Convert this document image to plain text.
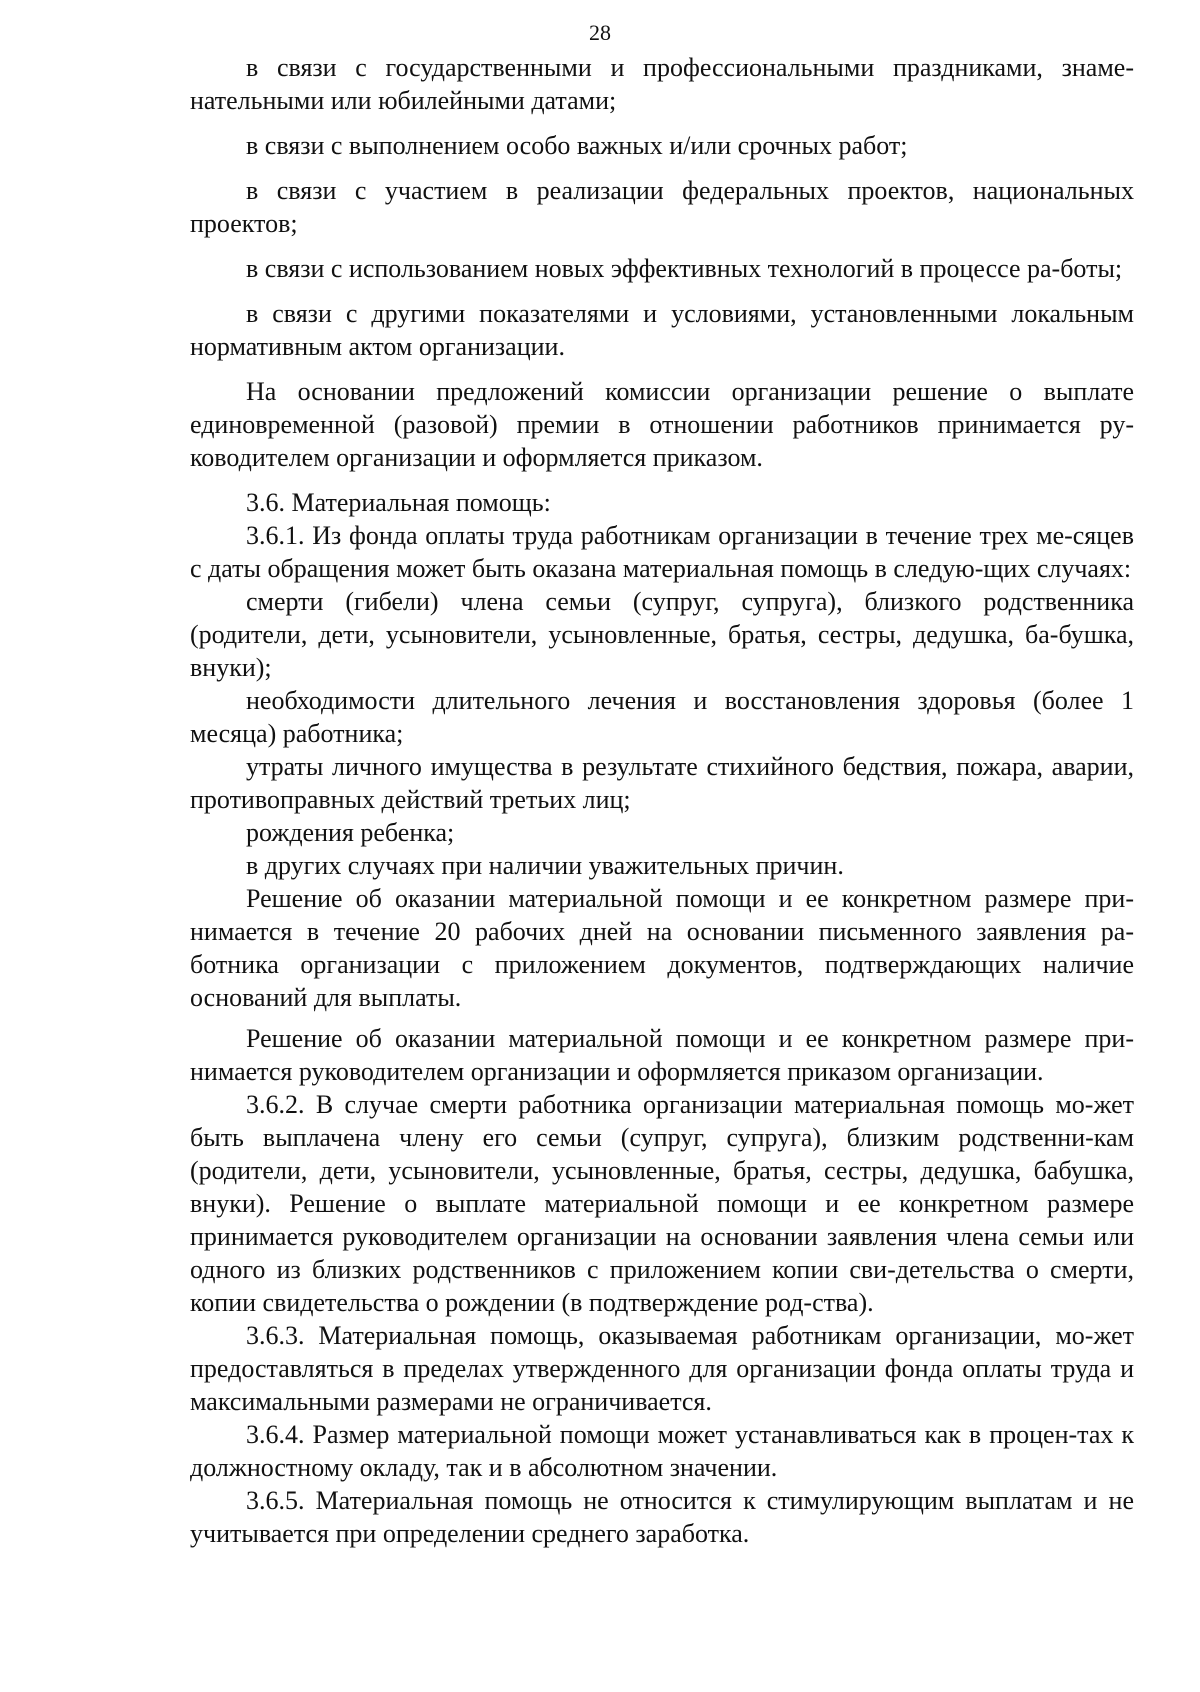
28

в связи с государственными и профессиональными праздниками, знаме-нательными или юбилейными датами;

в связи с выполнением особо важных и/или срочных работ;

в связи с участием в реализации федеральных проектов, национальных проектов;

в связи с использованием новых эффективных технологий в процессе ра-боты;

в связи с другими показателями и условиями, установленными локальным нормативным актом организации.

На основании предложений комиссии организации решение о выплате единовременной (разовой) премии в отношении работников принимается ру-ководителем организации и оформляется приказом.

3.6. Материальная помощь:

3.6.1. Из фонда оплаты труда работникам организации в течение трех ме-сяцев с даты обращения может быть оказана материальная помощь в следую-щих случаях:

смерти (гибели) члена семьи (супруг, супруга), близкого родственника (родители, дети, усыновители, усыновленные, братья, сестры, дедушка, ба-бушка, внуки);

необходимости длительного лечения и восстановления здоровья (более 1 месяца) работника;

утраты личного имущества в результате стихийного бедствия, пожара, аварии, противоправных действий третьих лиц;

рождения ребенка;

в других случаях при наличии уважительных причин.

Решение об оказании материальной помощи и ее конкретном размере при-нимается в течение 20 рабочих дней на основании письменного заявления ра-ботника организации с приложением документов, подтверждающих наличие оснований для выплаты.

Решение об оказании материальной помощи и ее конкретном размере при-нимается руководителем организации и оформляется приказом организации.

3.6.2. В случае смерти работника организации материальная помощь мо-жет быть выплачена члену его семьи (супруг, супруга), близким родственни-кам (родители, дети, усыновители, усыновленные, братья, сестры, дедушка, бабушка, внуки). Решение о выплате материальной помощи и ее конкретном размере принимается руководителем организации на основании заявления члена семьи или одного из близких родственников с приложением копии сви-детельства о смерти, копии свидетельства о рождении (в подтверждение род-ства).

3.6.3. Материальная помощь, оказываемая работникам организации, мо-жет предоставляться в пределах утвержденного для организации фонда оплаты труда и максимальными размерами не ограничивается.

3.6.4. Размер материальной помощи может устанавливаться как в процен-тах к должностному окладу, так и в абсолютном значении.

3.6.5. Материальная помощь не относится к стимулирующим выплатам и не учитывается при определении среднего заработка.
